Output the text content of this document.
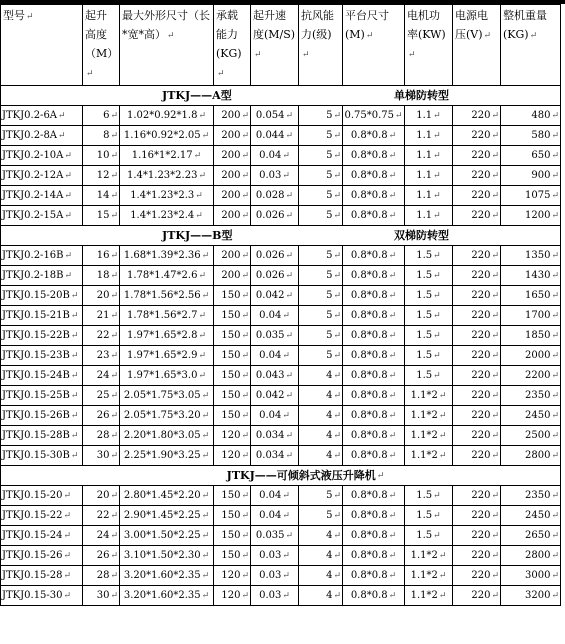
型号↵	起升高度（M）↵	最大外形尺寸（长*宽*高）↵	承载能力(KG)↵	起升速度(M/S)↵	抗风能力(级)↵	平台尺寸(M)↵	电机功率(KW)↵	电源电压(V)↵	整机重量(KG)↵

JTKJ——A型 单梯防转型									

JTKJ0.2-6A↵	6↵	1.02*0.92*1.8↵	200↵	0.054↵	5↵	0.75*0.75↵	1.1↵	220↵	480↵
JTKJ0.2-8A↵	8↵	1.16*0.92*2.05↵	200↵	0.044↵	5↵	0.8*0.8↵	1.1↵	220↵	580↵
JTKJ0.2-10A↵	10↵	1.16*1*2.17↵	200↵	0.04↵	5↵	0.8*0.8↵	1.1↵	220↵	650↵
JTKJ0.2-12A↵	12↵	1.4*1.23*2.23↵	200↵	0.03↵	5↵	0.8*0.8↵	1.1↵	220↵	900↵
JTKJ0.2-14A↵	14↵	1.4*1.23*2.3↵	200↵	0.028↵	5↵	0.8*0.8↵	1.1↵	220↵	1075↵
JTKJ0.2-15A↵	15↵	1.4*1.23*2.4↵	200↵	0.026↵	5↵	0.8*0.8↵	1.1↵	220↵	1200↵

JTKJ——B型 双梯防转型									

JTKJ0.2-16B↵	16↵	1.68*1.39*2.36↵	200↵	0.026↵	5↵	0.8*0.8↵	1.5↵	220↵	1350↵
JTKJ0.2-18B↵	18↵	1.78*1.47*2.6↵	200↵	0.026↵	5↵	0.8*0.8↵	1.5↵	220↵	1430↵
JTKJ0.15-20B↵	20↵	1.78*1.56*2.56↵	150↵	0.042↵	5↵	0.8*0.8↵	1.5↵	220↵	1650↵
JTKJ0.15-21B↵	21↵	1.78*1.56*2.7↵	150↵	0.04↵	5↵	0.8*0.8↵	1.5↵	220↵	1700↵
JTKJ0.15-22B↵	22↵	1.97*1.65*2.8↵	150↵	0.035↵	5↵	0.8*0.8↵	1.5↵	220↵	1850↵
JTKJ0.15-23B↵	23↵	1.97*1.65*2.9↵	150↵	0.04↵	5↵	0.8*0.8↵	1.5↵	220↵	2000↵
JTKJ0.15-24B↵	24↵	1.97*1.65*3.0↵	150↵	0.043↵	4↵	0.8*0.8↵	1.5↵	220↵	2200↵
JTKJ0.15-25B↵	25↵	2.05*1.75*3.05↵	150↵	0.042↵	4↵	0.8*0.8↵	1.1*2↵	220↵	2350↵
JTKJ0.15-26B↵	26↵	2.05*1.75*3.20↵	150↵	0.04↵	4↵	0.8*0.8↵	1.1*2↵	220↵	2450↵
JTKJ0.15-28B↵	28↵	2.20*1.80*3.05↵	120↵	0.034↵	4↵	0.8*0.8↵	1.1*2↵	220↵	2500↵
JTKJ0.15-30B↵	30↵	2.25*1.90*3.25↵	120↵	0.034↵	4↵	0.8*0.8↵	1.1*2↵	220↵	2800↵

JTKJ——可倾斜式液压升降机 ↵									

JTKJ0.15-20↵	20↵	2.80*1.45*2.20↵	150↵	0.04↵	5↵	0.8*0.8↵	1.5↵	220↵	2350↵
JTKJ0.15-22↵	22↵	2.90*1.45*2.25↵	150↵	0.04↵	5↵	0.8*0.8↵	1.5↵	220↵	2450↵
JTKJ0.15-24↵	24↵	3.00*1.50*2.25↵	150↵	0.035↵	4↵	0.8*0.8↵	1.5↵	220↵	2650↵
JTKJ0.15-26↵	26↵	3.10*1.50*2.30↵	150↵	0.03↵	4↵	0.8*0.8↵	1.1*2↵	220↵	2800↵
JTKJ0.15-28↵	28↵	3.20*1.60*2.35↵	120↵	0.03↵	4↵	0.8*0.8↵	1.1*2↵	220↵	3000↵
JTKJ0.15-30↵	30↵	3.20*1.60*2.35↵	120↵	0.03↵	4↵	0.8*0.8↵	1.1*2↵	220↵	3200↵
